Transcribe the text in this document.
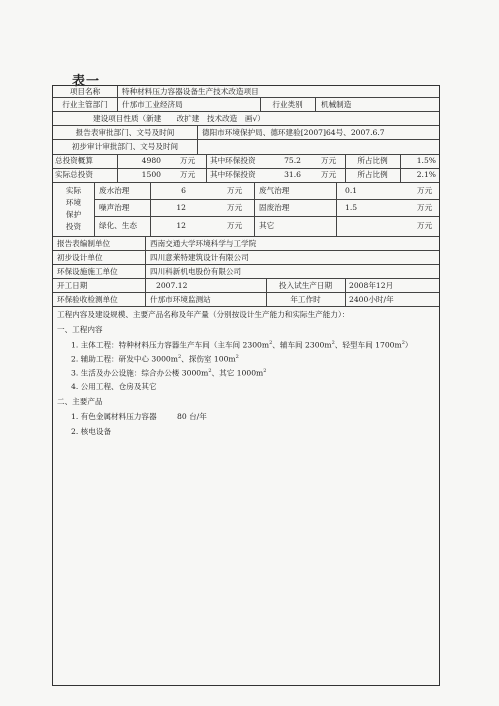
表一
项目名称	特种材料压力容器设备生产技术改造项目
行业主管部门	什邡市工业经济局	行业类别	机械制造
建设项目性质（新建　　改扩建　技术改造　画√）
报告表审批部门、文号及时间	德阳市环境保护局、德环建验[2007]64号、2007.6.7
初步审计审批部门、文号及时间
总投资概算	4980	万元 其中环保投资	75.2	万元	所占比例	1.5%
实际总投资	1500	万元 其中环保投资	31.6	万元	所占比例	2.1%
实际
环境
保护
投资
废水治理	6	万元 废气治理	0.1	万元
噪声治理	12	万元 固废治理	1.5	万元
绿化、生态	12	万元 其它	万元
报告表编制单位	西南交通大学环境科学与工学院
初步设计单位	四川意莱特建筑设计有限公司
环保设施施工单位	四川科新机电股份有限公司
开工日期	2007.12	投入试生产日期	2008年12月
环保验收检测单位	什邡市环境监测站	年工作时	2400小时/年
工程内容及建设规模、主要产品名称及年产量（分别按设计生产能力和实际生产能力）：
一、工程内容
1. 主体工程：特种材料压力容器生产车间（主车间 $2300m^2$、辅车间 $2300m^2$、轻型车间 $1700m^2$）
2. 辅助工程：研发中心 $3000m^2$、探伤室 $100m^2$
3. 生活及办公设施：综合办公楼 $3000m^2$、其它 $1000m^2$
4. 公用工程、仓房及其它
二、主要产品
1. 有色金属材料压力容器	80 台/年
2. 核电设备
